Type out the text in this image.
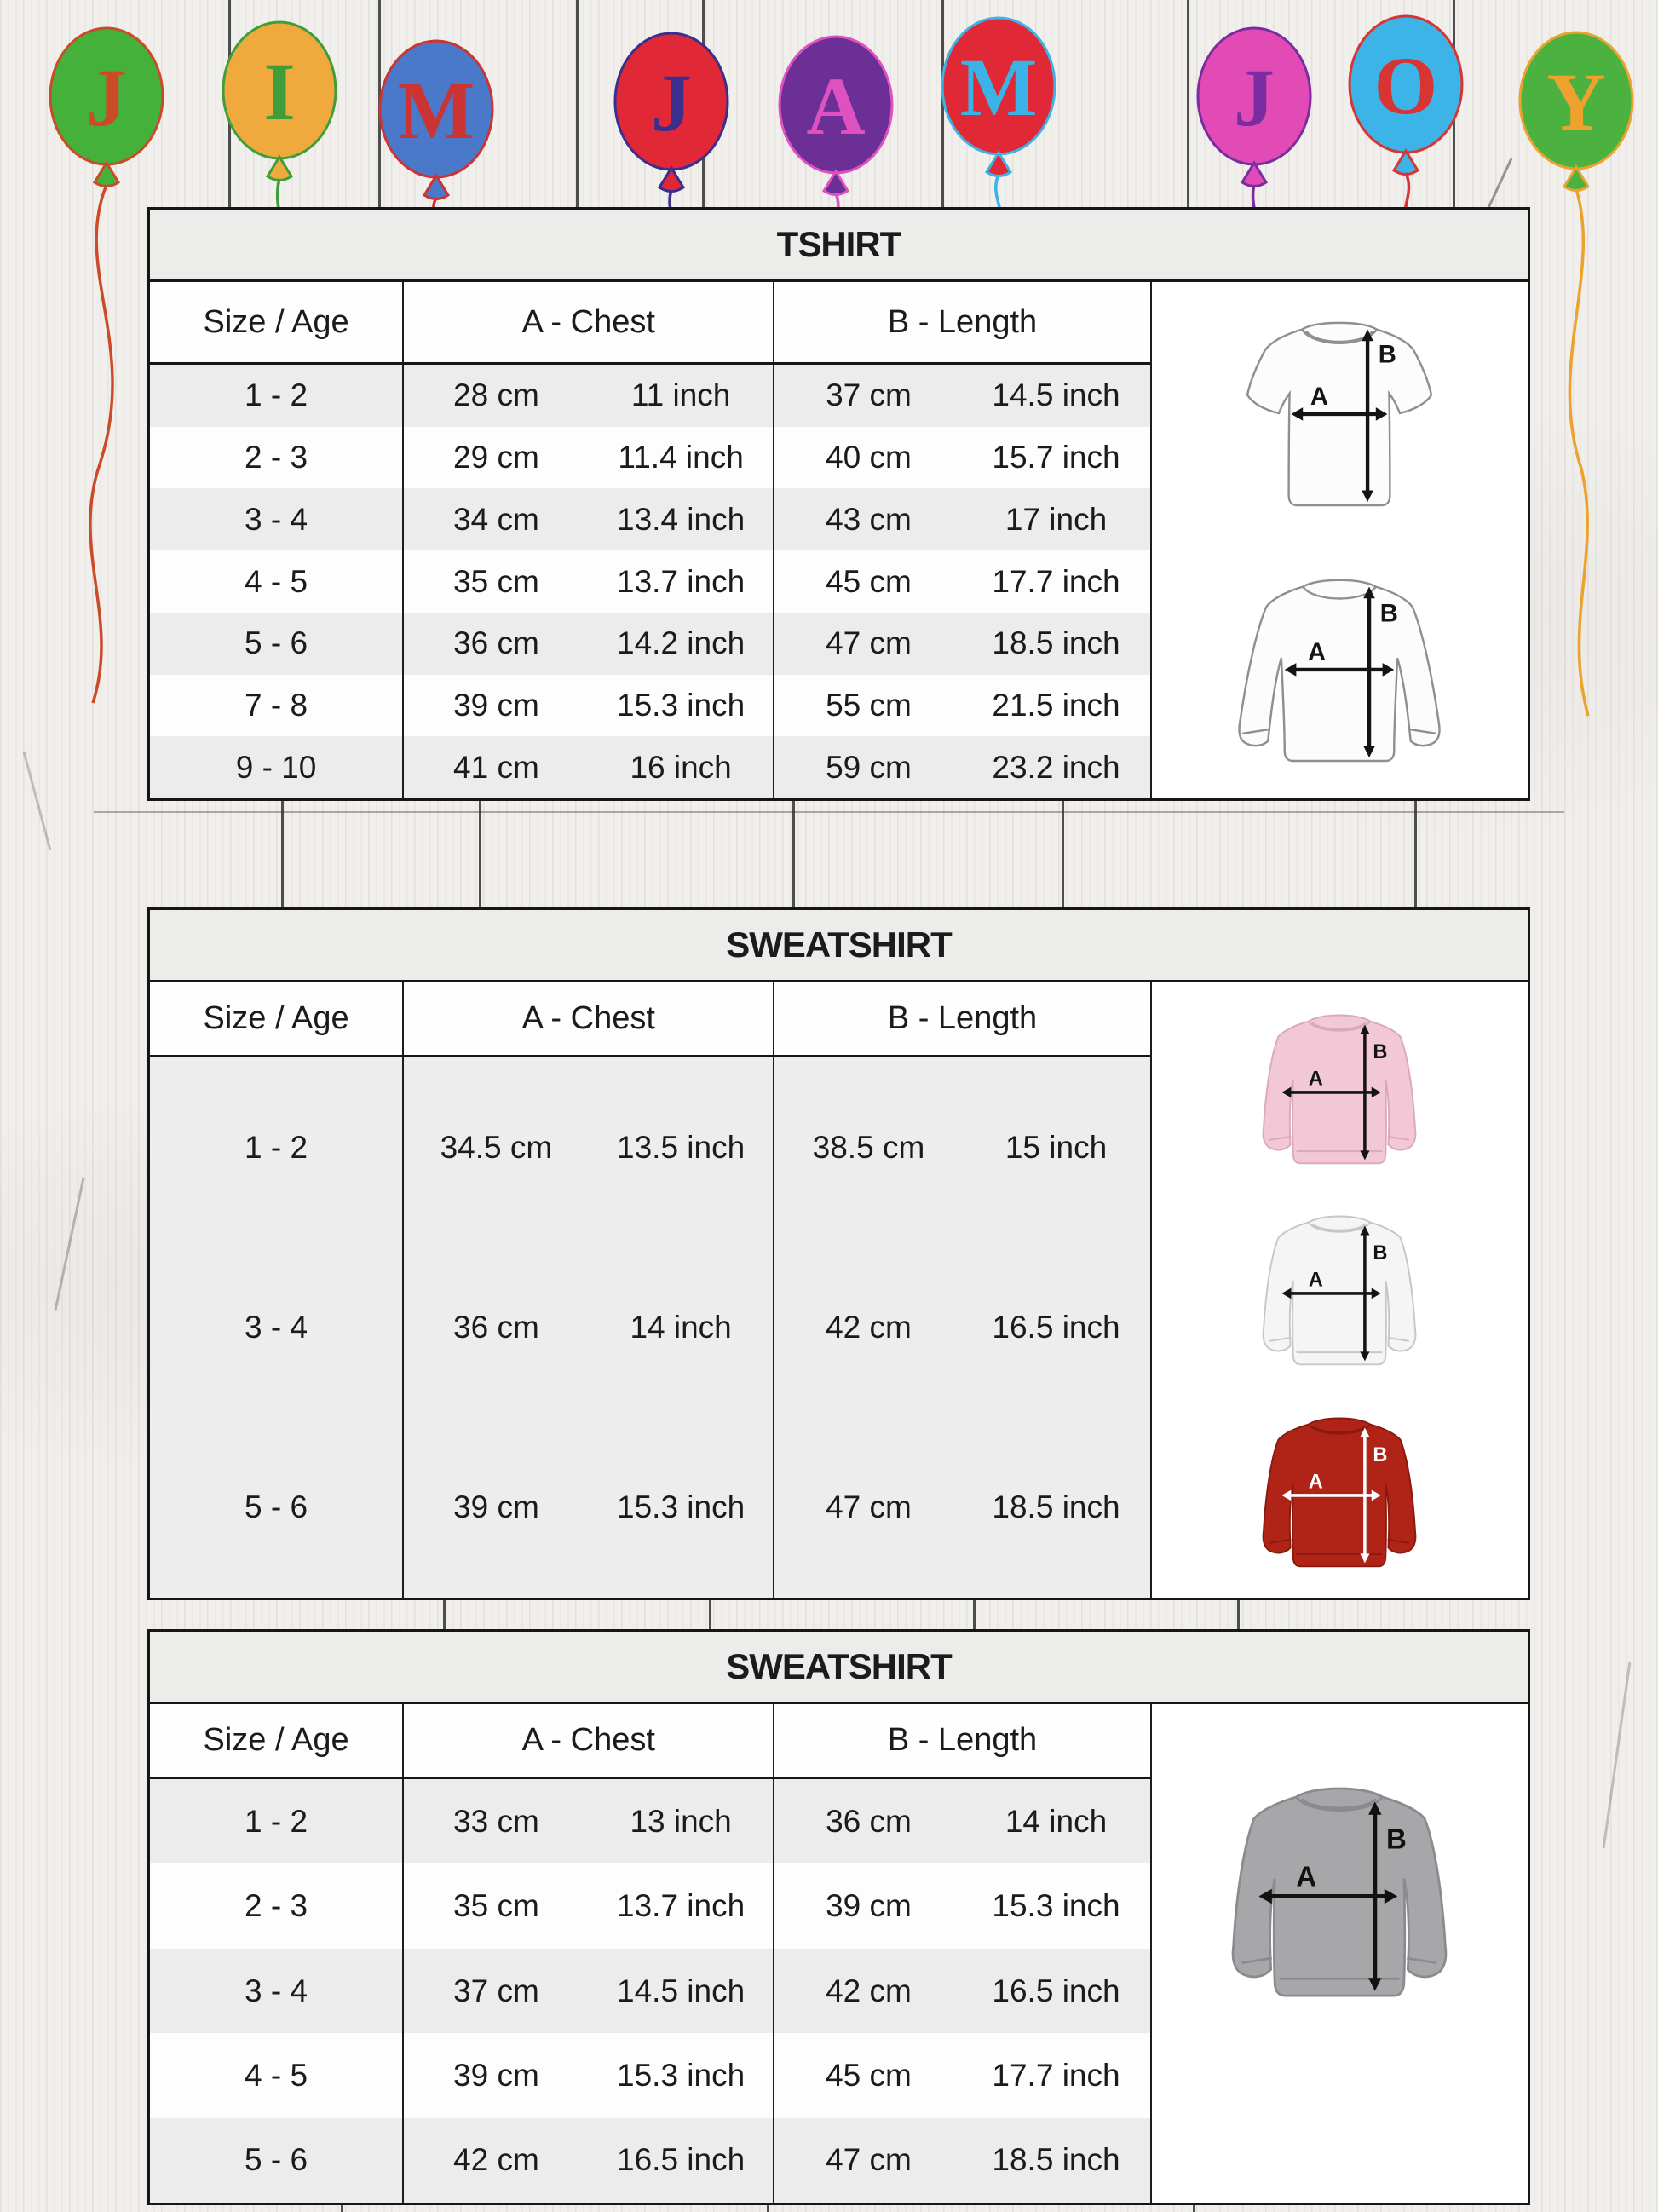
J I M J A M J O Y
TSHIRT
Size / Age	A - Chest	B - Length
1 - 2	28 cm	11 inch	37 cm	14.5 inch
2 - 3	29 cm	11.4 inch	40 cm	15.7 inch
3 - 4	34 cm	13.4 inch	43 cm	17 inch
4 - 5	35 cm	13.7 inch	45 cm	17.7 inch
5 - 6	36 cm	14.2 inch	47 cm	18.5 inch
7 - 8	39 cm	15.3 inch	55 cm	21.5 inch
9 - 10	41 cm	16 inch	59 cm	23.2 inch
A
B
A
B
SWEATSHIRT
Size / Age	A - Chest	B - Length
1 - 2	34.5 cm	13.5 inch	38.5 cm	15 inch
3 - 4	36 cm	14 inch	42 cm	16.5 inch
5 - 6	39 cm	15.3 inch	47 cm	18.5 inch
A
B
A
B
A
B
SWEATSHIRT
Size / Age	A - Chest	B - Length
1 - 2	33 cm	13 inch	36 cm	14 inch
2 - 3	35 cm	13.7 inch	39 cm	15.3 inch
3 - 4	37 cm	14.5 inch	42 cm	16.5 inch
4 - 5	39 cm	15.3 inch	45 cm	17.7 inch
5 - 6	42 cm	16.5 inch	47 cm	18.5 inch
A
B
